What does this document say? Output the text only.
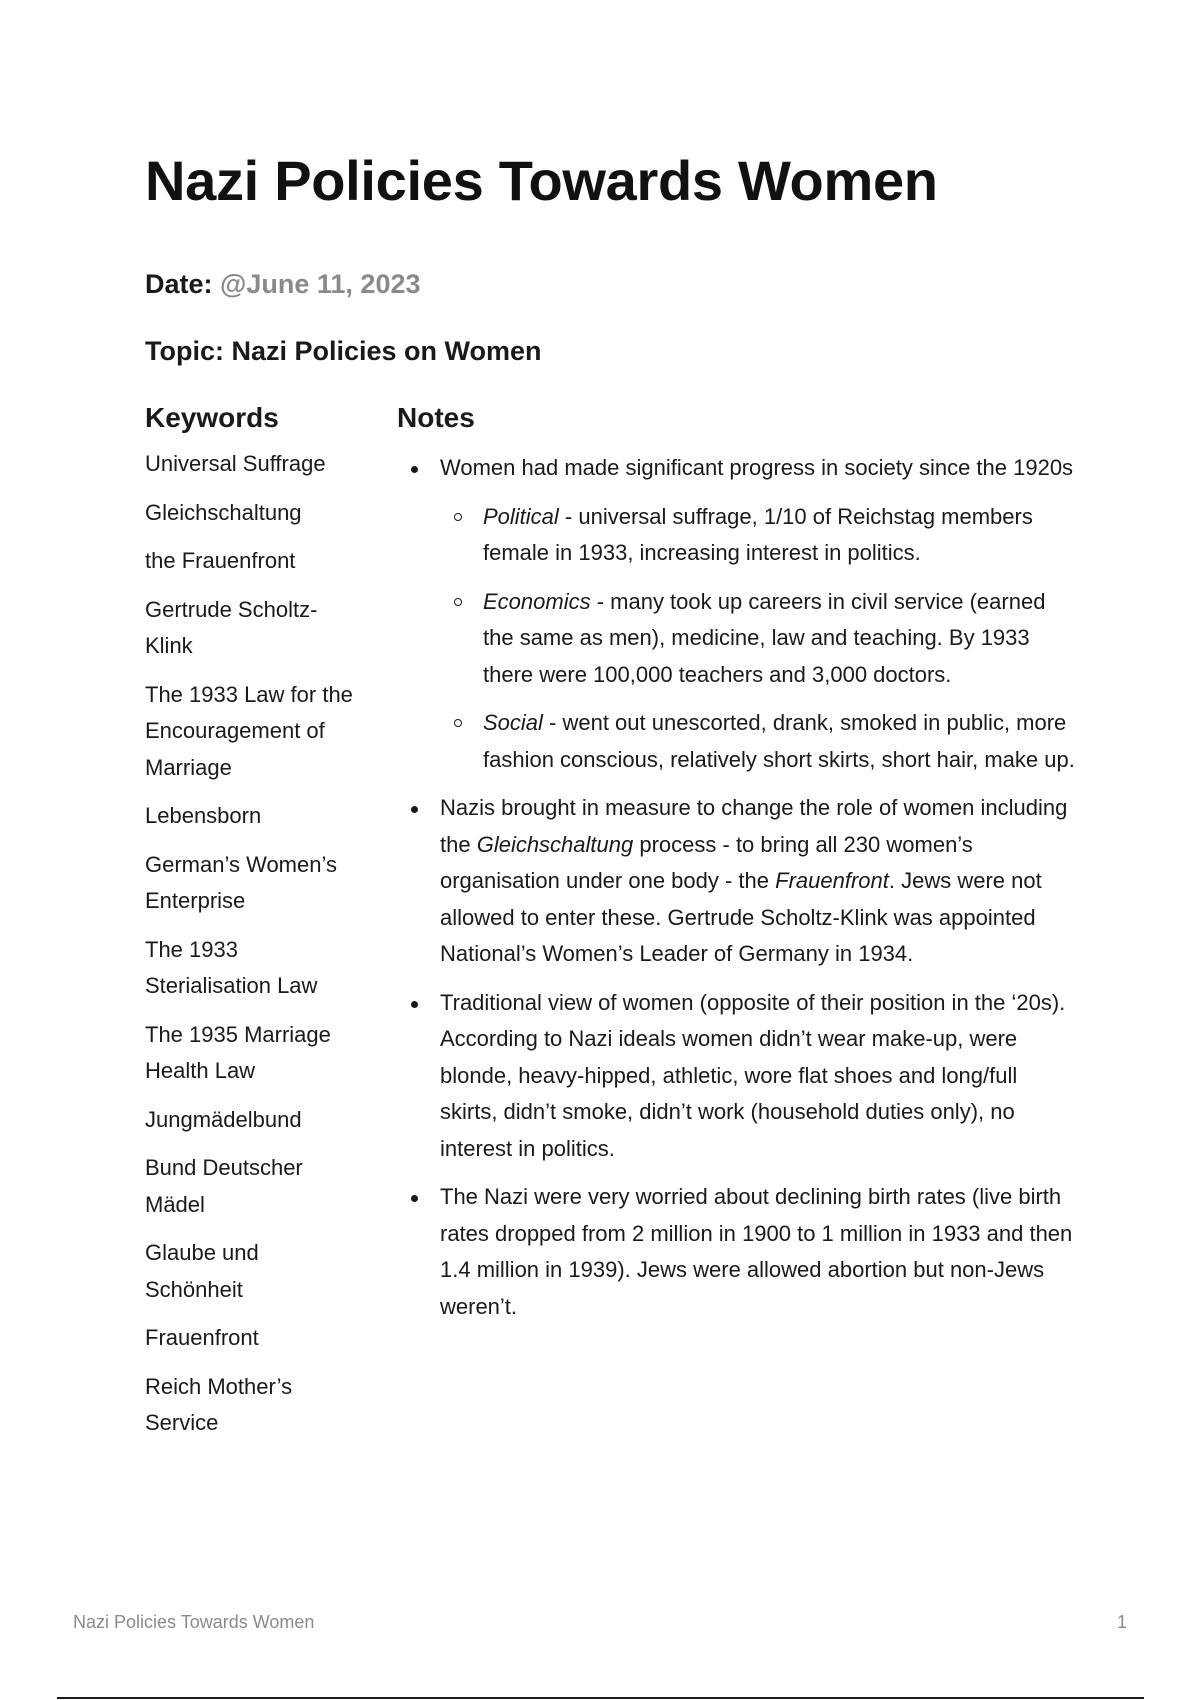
Nazi Policies Towards Women
Date: @June 11, 2023
Topic: Nazi Policies on Women
Keywords	Notes
Universal Suffrage
Gleichschaltung
the Frauenfront
Gertrude Scholtz-Klink
The 1933 Law for the Encouragement of Marriage
Lebensborn
German’s Women’s Enterprise
The 1933 Sterialisation Law
The 1935 Marriage Health Law
Jungmädelbund
Bund Deutscher Mädel
Glaube und Schönheit
Frauenfront
Reich Mother’s Service
Women had made significant progress in society since the 1920s
Political - universal suffrage, 1/10 of Reichstag members female in 1933, increasing interest in politics.
Economics - many took up careers in civil service (earned the same as men), medicine, law and teaching. By 1933 there were 100,000 teachers and 3,000 doctors.
Social - went out unescorted, drank, smoked in public, more fashion conscious, relatively short skirts, short hair, make up.
Nazis brought in measure to change the role of women including the Gleichschaltung process - to bring all 230 women’s organisation under one body - the Frauenfront. Jews were not allowed to enter these. Gertrude Scholtz-Klink was appointed National’s Women’s Leader of Germany in 1934.
Traditional view of women (opposite of their position in the ‘20s). According to Nazi ideals women didn’t wear make-up, were blonde, heavy-hipped, athletic, wore flat shoes and long/full skirts, didn’t smoke, didn’t work (household duties only), no interest in politics.
The Nazi were very worried about declining birth rates (live birth rates dropped from 2 million in 1900 to 1 million in 1933 and then 1.4 million in 1939). Jews were allowed abortion but non-Jews weren’t.
Nazi Policies Towards Women	1
